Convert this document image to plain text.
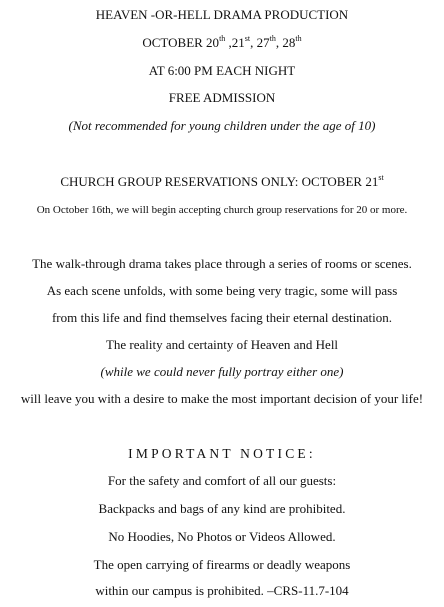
HEAVEN -OR-HELL DRAMA PRODUCTION
OCTOBER 20th ,21st, 27th, 28th
AT 6:00 PM EACH NIGHT
FREE ADMISSION
(Not recommended for young children under the age of 10)
CHURCH GROUP RESERVATIONS ONLY: OCTOBER 21st
On October 16th, we will begin accepting church group reservations for 20 or more.
The walk-through drama takes place through a series of rooms or scenes.
As each scene unfolds, with some being very tragic, some will pass
from this life and find themselves facing their eternal destination.
The reality and certainty of Heaven and Hell
(while we could never fully portray either one)
will leave you with a desire to make the most important decision of your life!
IMPORTANT NOTICE:
For the safety and comfort of all our guests:
Backpacks and bags of any kind are prohibited.
No Hoodies, No Photos or Videos Allowed.
The open carrying of firearms or deadly weapons
within our campus is prohibited. –CRS-11.7-104
